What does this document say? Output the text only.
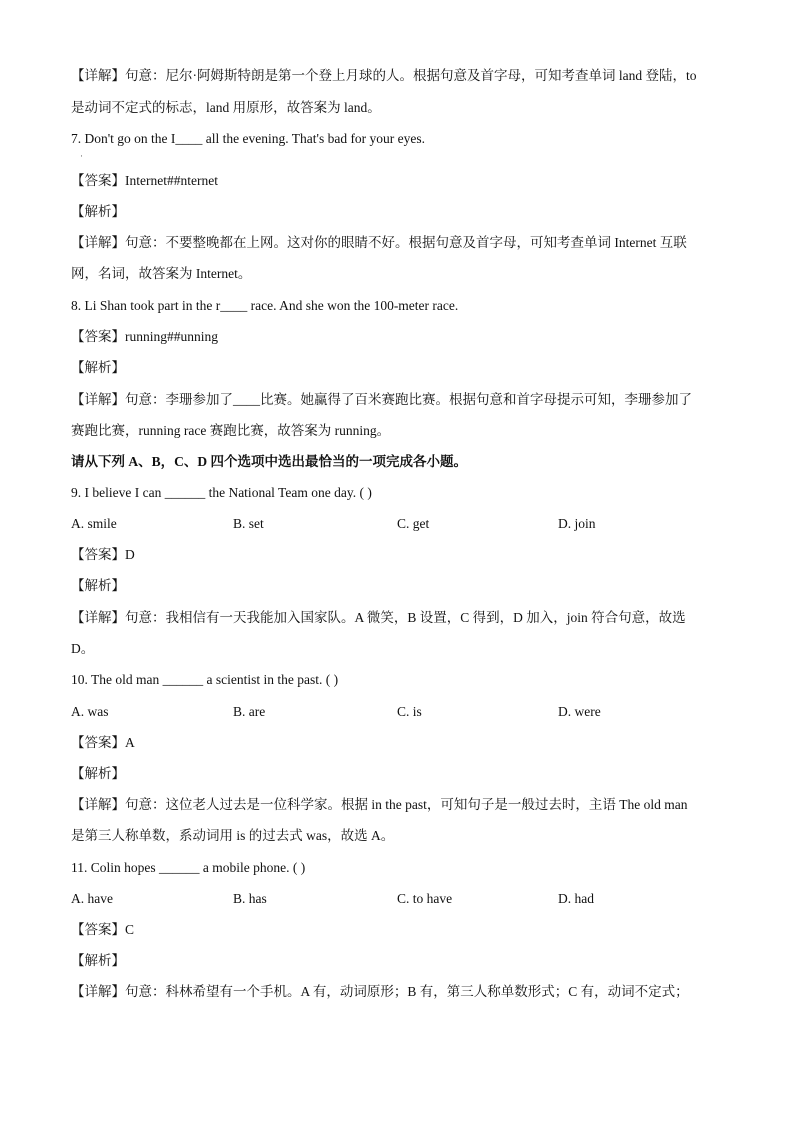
【详解】句意：尼尔·阿姆斯特朗是第一个登上月球的人。根据句意及首字母，可知考查单词 land 登陆，to
是动词不定式的标志，land 用原形，故答案为 land。
7. Don't go on the I____ all the evening. That's bad for your eyes.
·
【答案】Internet##nternet
【解析】
【详解】句意：不要整晚都在上网。这对你的眼睛不好。根据句意及首字母，可知考查单词 Internet 互联
网，名词，故答案为 Internet。
8. Li Shan took part in the r____ race. And she won the 100-meter race.
【答案】running##unning
【解析】
【详解】句意：李珊参加了____比赛。她赢得了百米赛跑比赛。根据句意和首字母提示可知，李珊参加了
赛跑比赛，running race 赛跑比赛，故答案为 running。
请从下列 A、B，C、D 四个选项中选出最恰当的一项完成各小题。
9. I believe I can ______ the National Team one day. ( )
A. smile	B. set	C. get	D. join
【答案】D
【解析】
【详解】句意：我相信有一天我能加入国家队。A 微笑，B 设置，C 得到，D 加入，join 符合句意，故选
D。
10. The old man ______ a scientist in the past. ( )
A. was	B. are	C. is	D. were
【答案】A
【解析】
【详解】句意：这位老人过去是一位科学家。根据 in the past，可知句子是一般过去时，主语 The old man
是第三人称单数，系动词用 is 的过去式 was，故选 A。
11. Colin hopes ______ a mobile phone. ( )
A. have	B. has	C. to have	D. had
【答案】C
【解析】
【详解】句意：科林希望有一个手机。A 有，动词原形；B 有，第三人称单数形式；C 有，动词不定式；
